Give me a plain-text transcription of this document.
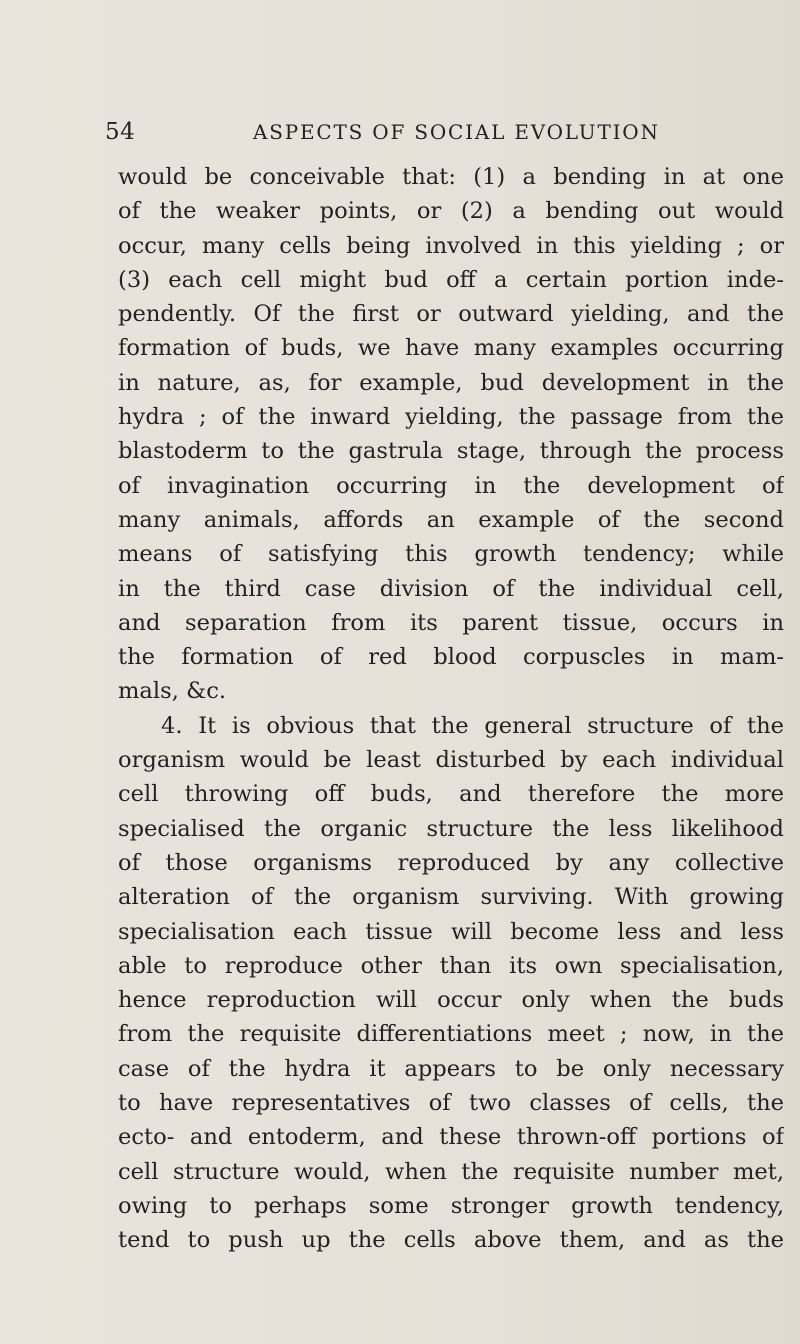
54	ASPECTS OF SOCIAL EVOLUTION
would be conceivable that: (1) a bending in at one
of the weaker points, or (2) a bending out would
occur, many cells being involved in this yielding ; or
(3) each cell might bud off a certain portion inde-
pendently. Of the first or outward yielding, and the
formation of buds, we have many examples occurring
in nature, as, for example, bud development in the
hydra ; of the inward yielding, the passage from the
blastoderm to the gastrula stage, through the process
of invagination occurring in the development of
many animals, affords an example of the second
means of satisfying this growth tendency; while
in the third case division of the individual cell,
and separation from its parent tissue, occurs in
the formation of red blood corpuscles in mam-
mals, &c.
4. It is obvious that the general structure of the
organism would be least disturbed by each individual
cell throwing off buds, and therefore the more
specialised the organic structure the less likelihood
of those organisms reproduced by any collective
alteration of the organism surviving. With growing
specialisation each tissue will become less and less
able to reproduce other than its own specialisation,
hence reproduction will occur only when the buds
from the requisite differentiations meet ; now, in the
case of the hydra it appears to be only necessary
to have representatives of two classes of cells, the
ecto- and entoderm, and these thrown-off portions of
cell structure would, when the requisite number met,
owing to perhaps some stronger growth tendency,
tend to push up the cells above them, and as the
